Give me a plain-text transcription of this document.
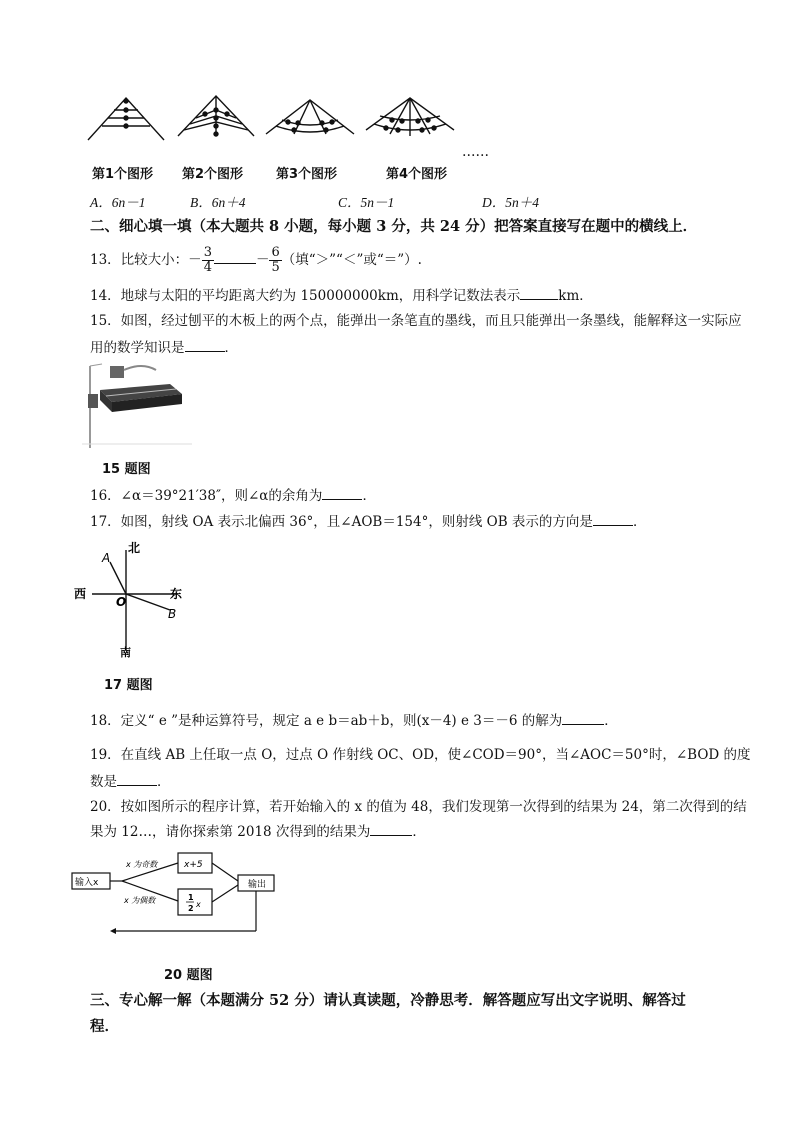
第1个图形 第2个图形	第3个图形	第4个图形
……
A．6n－1	B．6n＋4	C．5n－1	D．5n＋4
二、细心填一填（本大题共 8 小题，每小题 3 分，共 24 分）把答案直接写在题中的横线上．
13．比较大小：－ $\frac{3}{4}$	－ $\frac{6}{5}$ （填“＞”“＜”或“＝”）.
14．地球与太阳的平均距离大约为 150000000km，用科学记数法表示	km．
15．如图，经过刨平的木板上的两个点，能弹出一条笔直的墨线，而且只能弹出一条墨线，能解释这一实际应
用的数学知识是	．
15 题图
16．∠α＝39°21′38″，则∠α的余角为	．
17．如图，射线 OA 表示北偏西 36°，且∠AOB＝154°，则射线 OB 表示的方向是	．
北
南
西	东
A
B
O
17 题图
18．定义“ e ”是种运算符号，规定 a e b＝ab＋b，则(x－4) e 3＝－6 的解为	．
19．在直线 AB 上任取一点 O，过点 O 作射线 OC、OD，使∠COD＝90°，当∠AOC＝50°时，∠BOD 的度
数是	．
20．按如图所示的程序计算，若开始输入的 x 的值为 48，我们发现第一次得到的结果为 24，第二次得到的结
果为 12…，请你探索第 2018 次得到的结果为	．
输入x
x 为奇数
x 为偶数
x+5
1
2 x
输出
20 题图
三、专心解一解（本题满分 52 分）请认真读题，冷静思考．解答题应写出文字说明、解答过
程．
